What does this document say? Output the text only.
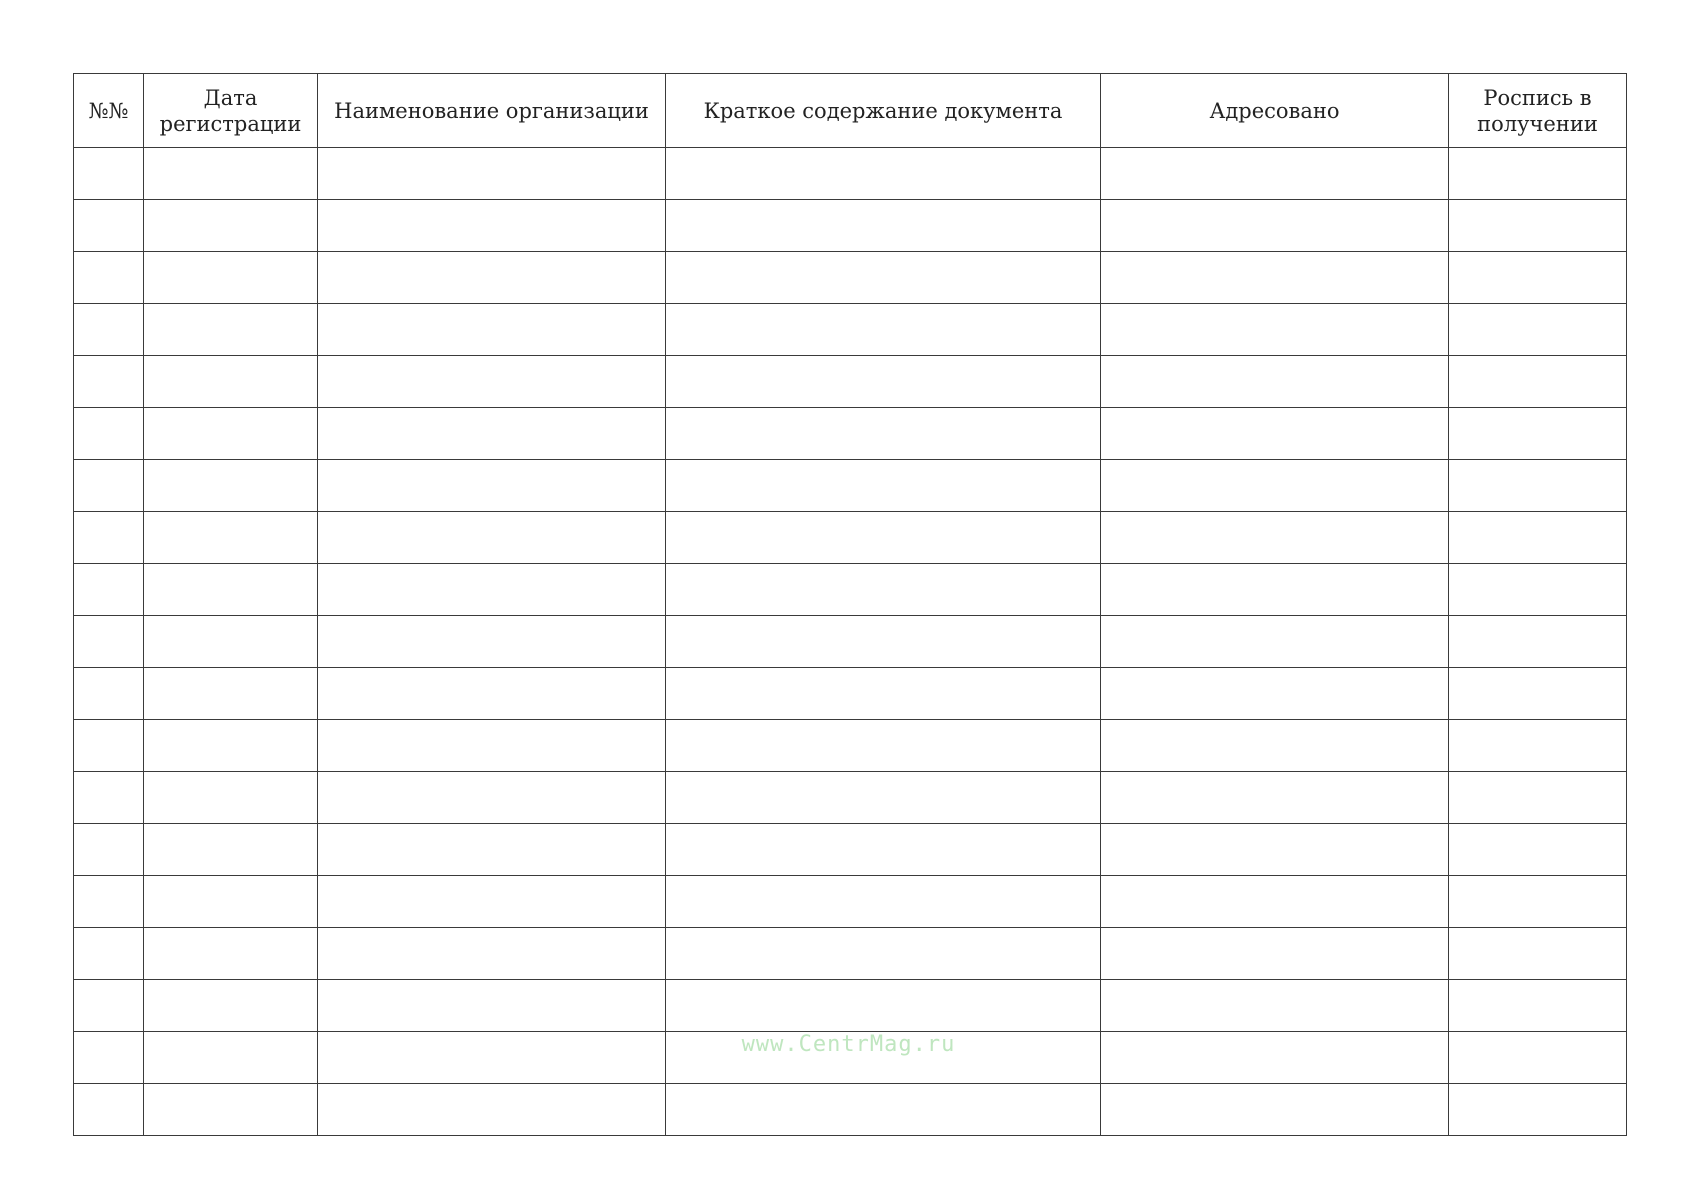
№№	Дата регистрации	Наименование организации	Краткое содержание документа	Адресовано	Роспись в получении

www.CentrMag.ru
